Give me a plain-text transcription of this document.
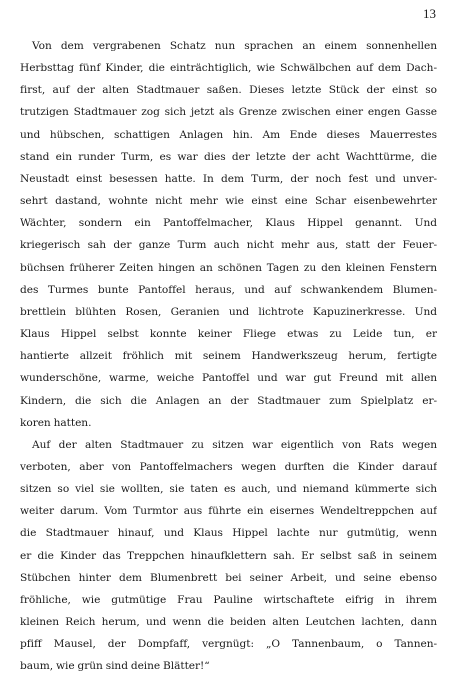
13
Von dem vergrabenen Schatz nun sprachen an einem sonnenhellen
Herbsttag fünf Kinder, die einträchtiglich, wie Schwälbchen auf dem Dach-
first, auf der alten Stadtmauer saßen. Dieses letzte Stück der einst so
trutzigen Stadtmauer zog sich jetzt als Grenze zwischen einer engen Gasse
und hübschen, schattigen Anlagen hin. Am Ende dieses Mauerrestes
stand ein runder Turm, es war dies der letzte der acht Wachttürme, die
Neustadt einst besessen hatte. In dem Turm, der noch fest und unver-
sehrt dastand, wohnte nicht mehr wie einst eine Schar eisenbewehrter
Wächter, sondern ein Pantoffelmacher, Klaus Hippel genannt. Und
kriegerisch sah der ganze Turm auch nicht mehr aus, statt der Feuer-
büchsen früherer Zeiten hingen an schönen Tagen zu den kleinen Fenstern
des Turmes bunte Pantoffel heraus, und auf schwankendem Blumen-
brettlein blühten Rosen, Geranien und lichtrote Kapuzinerkresse. Und
Klaus Hippel selbst konnte keiner Fliege etwas zu Leide tun, er
hantierte allzeit fröhlich mit seinem Handwerkszeug herum, fertigte
wunderschöne, warme, weiche Pantoffel und war gut Freund mit allen
Kindern, die sich die Anlagen an der Stadtmauer zum Spielplatz er-
koren hatten.
Auf der alten Stadtmauer zu sitzen war eigentlich von Rats wegen
verboten, aber von Pantoffelmachers wegen durften die Kinder darauf
sitzen so viel sie wollten, sie taten es auch, und niemand kümmerte sich
weiter darum. Vom Turmtor aus führte ein eisernes Wendeltreppchen auf
die Stadtmauer hinauf, und Klaus Hippel lachte nur gutmütig, wenn
er die Kinder das Treppchen hinaufklettern sah. Er selbst saß in seinem
Stübchen hinter dem Blumenbrett bei seiner Arbeit, und seine ebenso
fröhliche, wie gutmütige Frau Pauline wirtschaftete eifrig in ihrem
kleinen Reich herum, und wenn die beiden alten Leutchen lachten, dann
pfiff Mausel, der Dompfaff, vergnügt: „O Tannenbaum, o Tannen-
baum, wie grün sind deine Blätter!“
